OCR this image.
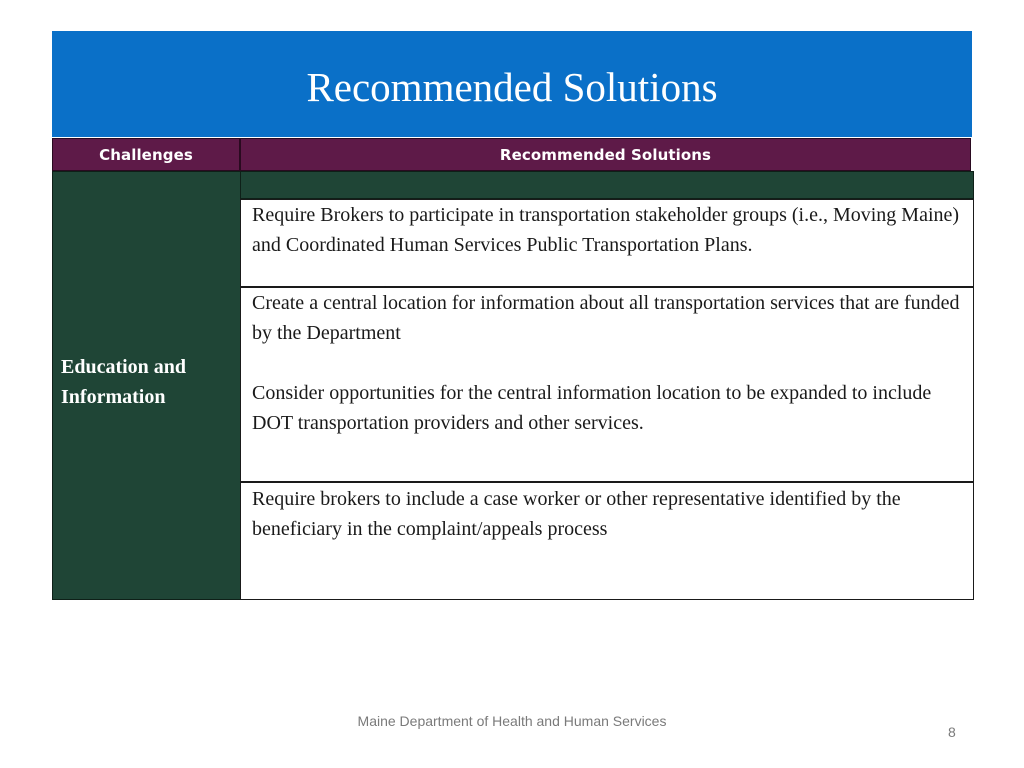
Recommended Solutions
Challenges	Recommended Solutions
Education and
Information

Require Brokers to participate in transportation stakeholder groups (i.e., Moving Maine) and Coordinated Human Services Public Transportation Plans.

Create a central location for information about all transportation services that are funded by the Department

Consider opportunities for the central information location to be expanded to include DOT transportation providers and other services.

Require brokers to include a case worker or other representative identified by the beneficiary in the complaint/appeals process

Maine Department of Health and Human Services
8
